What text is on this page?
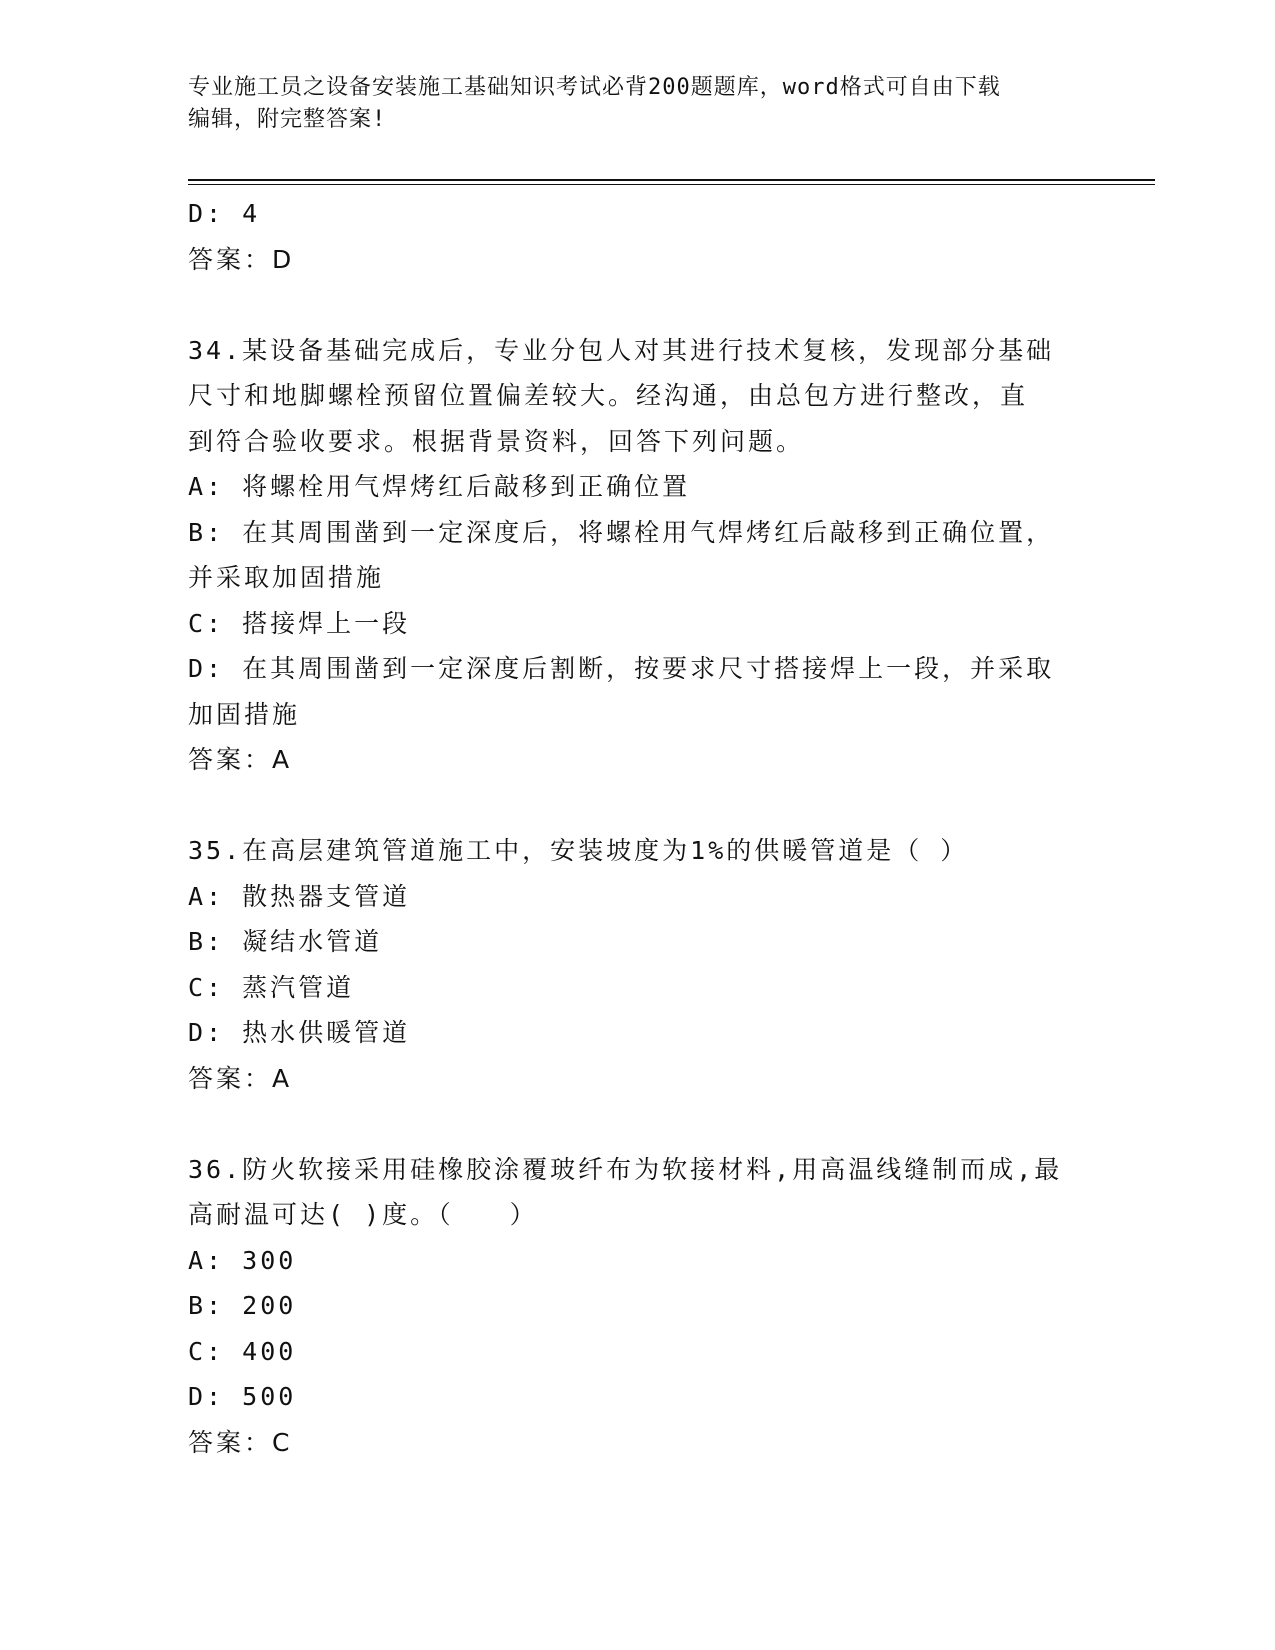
专业施工员之设备安装施工基础知识考试必背200题题库，word格式可自由下载
编辑，附完整答案!

D: 4

答案：D

34.某设备基础完成后，专业分包人对其进行技术复核，发现部分基础

尺寸和地脚螺栓预留位置偏差较大。经沟通，由总包方进行整改，直

到符合验收要求。根据背景资料，回答下列问题。

A: 将螺栓用气焊烤红后敲移到正确位置

B: 在其周围凿到一定深度后，将螺栓用气焊烤红后敲移到正确位置，

并采取加固措施

C: 搭接焊上一段

D: 在其周围凿到一定深度后割断，按要求尺寸搭接焊上一段，并采取

加固措施

答案：A

35.在高层建筑管道施工中，安装坡度为1%的供暖管道是（ ）

A: 散热器支管道

B: 凝结水管道

C: 蒸汽管道

D: 热水供暖管道

答案：A

36.防火软接采用硅橡胶涂覆玻纤布为软接材料,用高温线缝制而成,最

高耐温可达( )度。（　　）

A: 300

B: 200

C: 400

D: 500

答案：C
